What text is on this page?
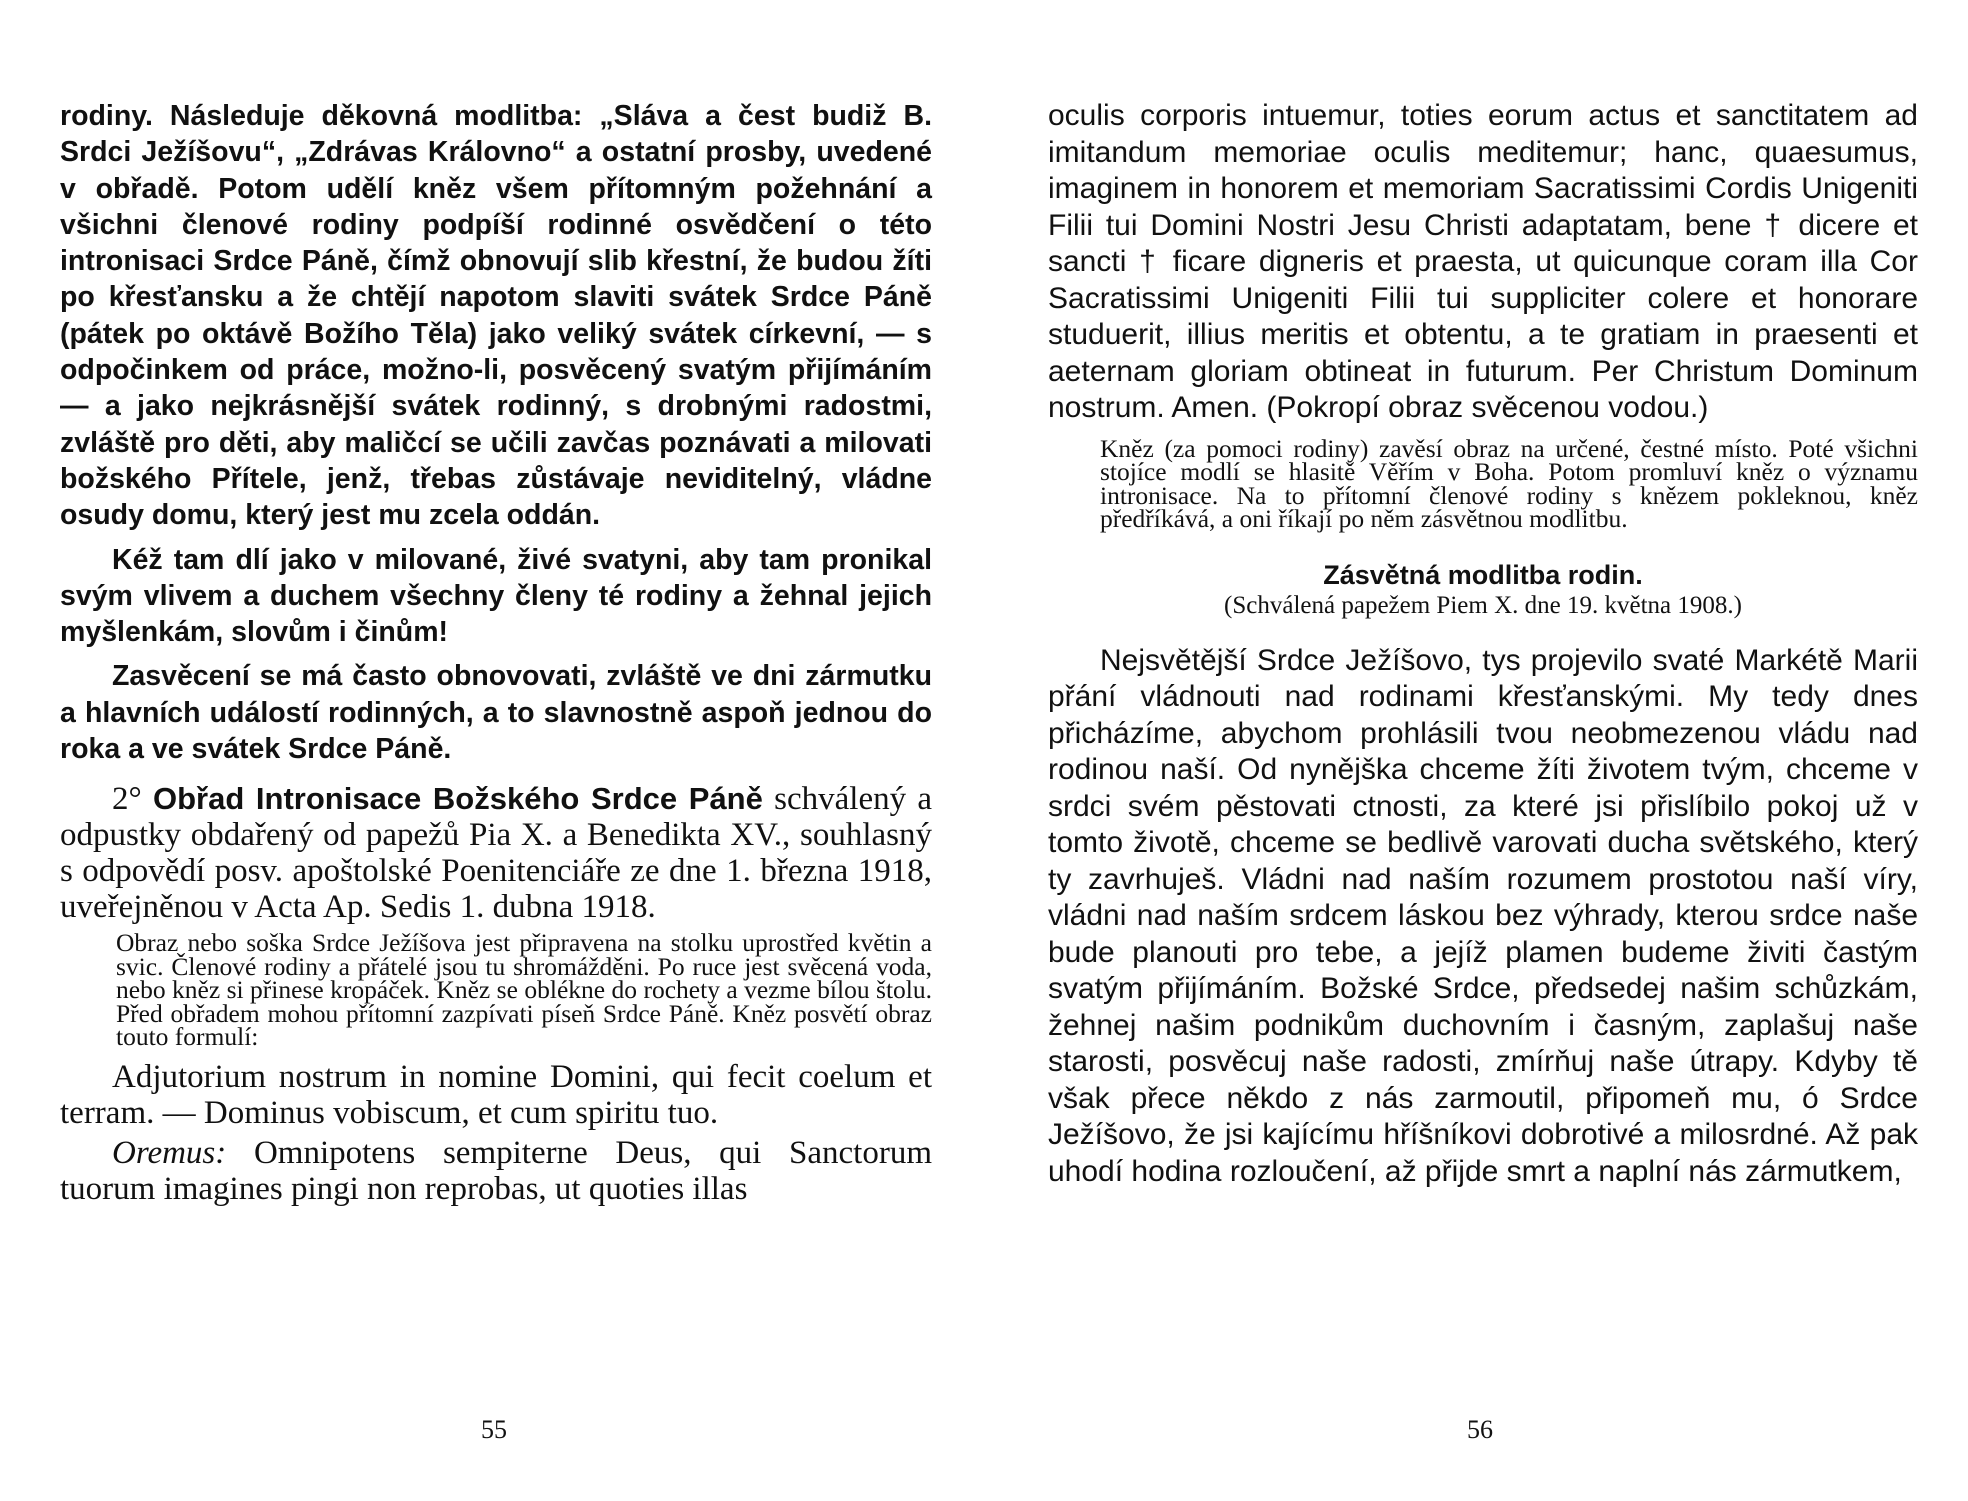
rodiny. Následuje děkovná modlitba: „Sláva a čest budiž B. Srdci Ježíšovu“, „Zdrávas Královno“ a ostatní prosby, uvedené v obřadě. Potom udělí kněz všem přítomným požehnání a všichni členové rodiny podpíší rodinné osvědčení o této intronisaci Srdce Páně, čímž obnovují slib křestní, že budou žíti po křesťansku a že chtějí napotom slaviti svátek Srdce Páně (pátek po oktávě Božího Těla) jako veliký svátek církevní, — s odpočinkem od práce, možno-li, posvěcený svatým přijímáním — a jako nejkrásnější svátek rodinný, s drobnými radostmi, zvláště pro děti, aby maličcí se učili zavčas poznávati a milovati božského Přítele, jenž, třebas zůstávaje neviditelný, vládne osudy domu, který jest mu zcela oddán.

Kéž tam dlí jako v milované, živé svatyni, aby tam pronikal svým vlivem a duchem všechny členy té rodiny a žehnal jejich myšlenkám, slovům i činům!

Zasvěcení se má často obnovovati, zvláště ve dni zármutku a hlavních událostí rodinných, a to slavnostně aspoň jednou do roka a ve svátek Srdce Páně.

2° Obřad Intronisace Božského Srdce Páně schválený a odpustky obdařený od papežů Pia X. a Benedikta XV., souhlasný s odpovědí posv. apoštolské Poenitenciáře ze dne 1. března 1918, uveřejněnou v Acta Ap. Sedis 1. dubna 1918.

Obraz nebo soška Srdce Ježíšova jest připravena na stolku uprostřed květin a svic. Členové rodiny a přátelé jsou tu shromážděni. Po ruce jest svěcená voda, nebo kněz si přinese kropáček. Kněz se oblékne do rochety a vezme bílou štolu. Před obřadem mohou přítomní zazpívati píseň Srdce Páně. Kněz posvětí obraz touto formulí:

Adjutorium nostrum in nomine Domini, qui fecit coelum et terram. — Dominus vobiscum, et cum spiritu tuo.

Oremus: Omnipotens sempiterne Deus, qui Sanctorum tuorum imagines pingi non reprobas, ut quoties illas

oculis corporis intuemur, toties eorum actus et sanctitatem ad imitandum memoriae oculis meditemur; hanc, quaesumus, imaginem in honorem et memoriam Sacratissimi Cordis Unigeniti Filii tui Domini Nostri Jesu Christi adaptatam, bene † dicere et sancti † ficare digneris et praesta, ut quicunque coram illa Cor Sacratissimi Unigeniti Filii tui suppliciter colere et honorare studuerit, illius meritis et obtentu, a te gratiam in praesenti et aeternam gloriam obtineat in futurum. Per Christum Dominum nostrum. Amen. (Pokropí obraz svěcenou vodou.)

Kněz (za pomoci rodiny) zavěsí obraz na určené, čestné místo. Poté všichni stojíce modlí se hlasitě Věřím v Boha. Potom promluví kněz o významu intronisace. Na to přítomní členové rodiny s knězem pokleknou, kněz předříkává, a oni říkají po něm zásvětnou modlitbu.

Zásvětná modlitba rodin.

(Schválená papežem Piem X. dne 19. května 1908.)

Nejsvětější Srdce Ježíšovo, tys projevilo svaté Markétě Marii přání vládnouti nad rodinami křesťanskými. My tedy dnes přicházíme, abychom prohlásili tvou neobmezenou vládu nad rodinou naší. Od nynějška chceme žíti životem tvým, chceme v srdci svém pěstovati ctnosti, za které jsi přislíbilo pokoj už v tomto životě, chceme se bedlivě varovati ducha světského, který ty zavrhuješ. Vládni nad naším rozumem prostotou naší víry, vládni nad naším srdcem láskou bez výhrady, kterou srdce naše bude planouti pro tebe, a jejíž plamen budeme živiti častým svatým přijímáním. Božské Srdce, předsedej našim schůzkám, žehnej našim podnikům duchovním i časným, zaplašuj naše starosti, posvěcuj naše radosti, zmírňuj naše útrapy. Kdyby tě však přece někdo z nás zarmoutil, připomeň mu, ó Srdce Ježíšovo, že jsi kajícímu hříšníkovi dobrotivé a milosrdné. Až pak uhodí hodina rozloučení, až přijde smrt a naplní nás zármutkem,

55	56
